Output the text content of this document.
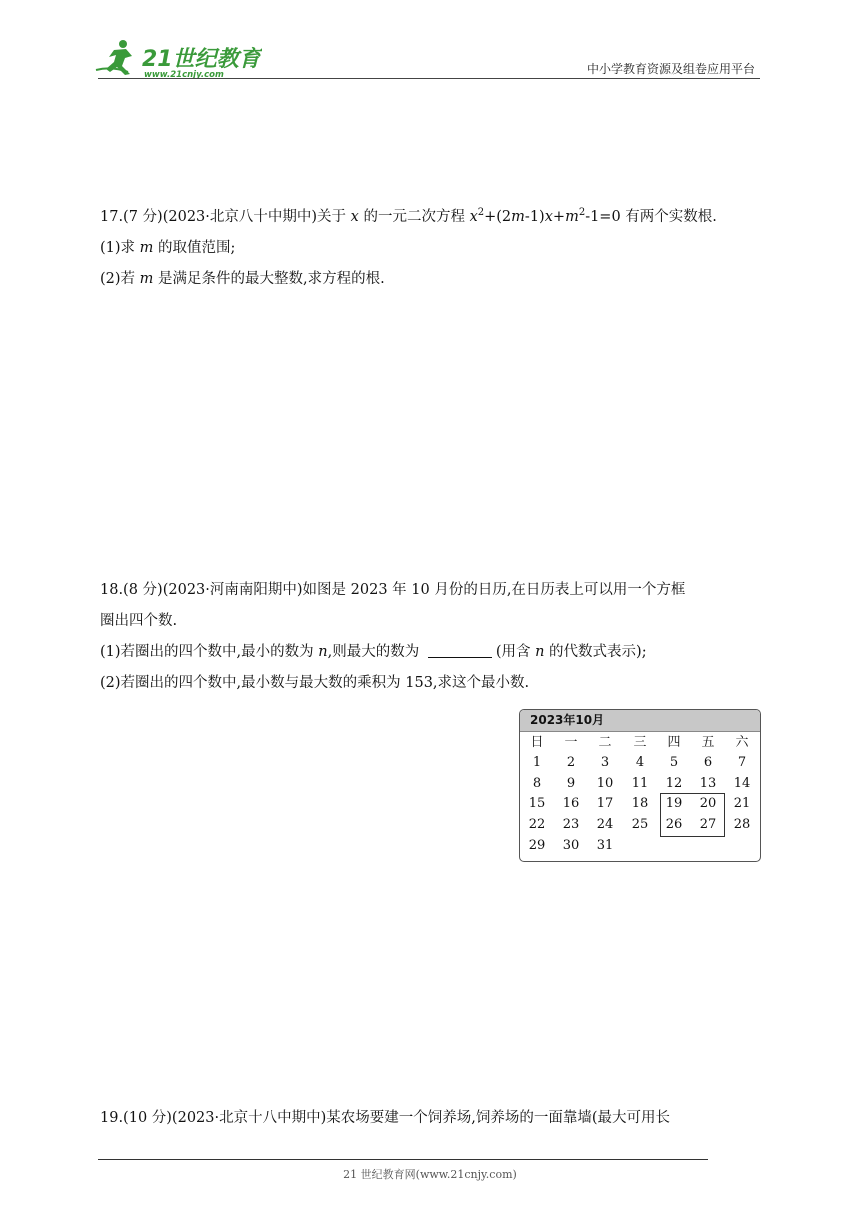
21世纪教育
www.21cnjy.com	中小学教育资源及组卷应用平台

17.(7 分)(2023·北京八十中期中)关于 x 的一元二次方程 $x^2+(2m-1)x+m^2-1=0$ 有两个实数根.

(1)求 m 的取值范围;

(2)若 m 是满足条件的最大整数,求方程的根.

18.(8 分)(2023·河南南阳期中)如图是 2023 年 10 月份的日历,在日历表上可以用一个方框

圈出四个数.

(1)若圈出的四个数中,最小的数为 n,则最大的数为	(用含 n 的代数式表示);

(2)若圈出的四个数中,最小数与最大数的乘积为 153,求这个最小数.

2023年10月
日	一	二	三	四	五	六
1	2	3	4	5	6	7
8	9	10	11	12	13	14
15	16	17	18	19	20	21
22	23	24	25	26	27	28
29	30	31

19.(10 分)(2023·北京十八中期中)某农场要建一个饲养场,饲养场的一面靠墙(最大可用长

21 世纪教育网(www.21cnjy.com)
